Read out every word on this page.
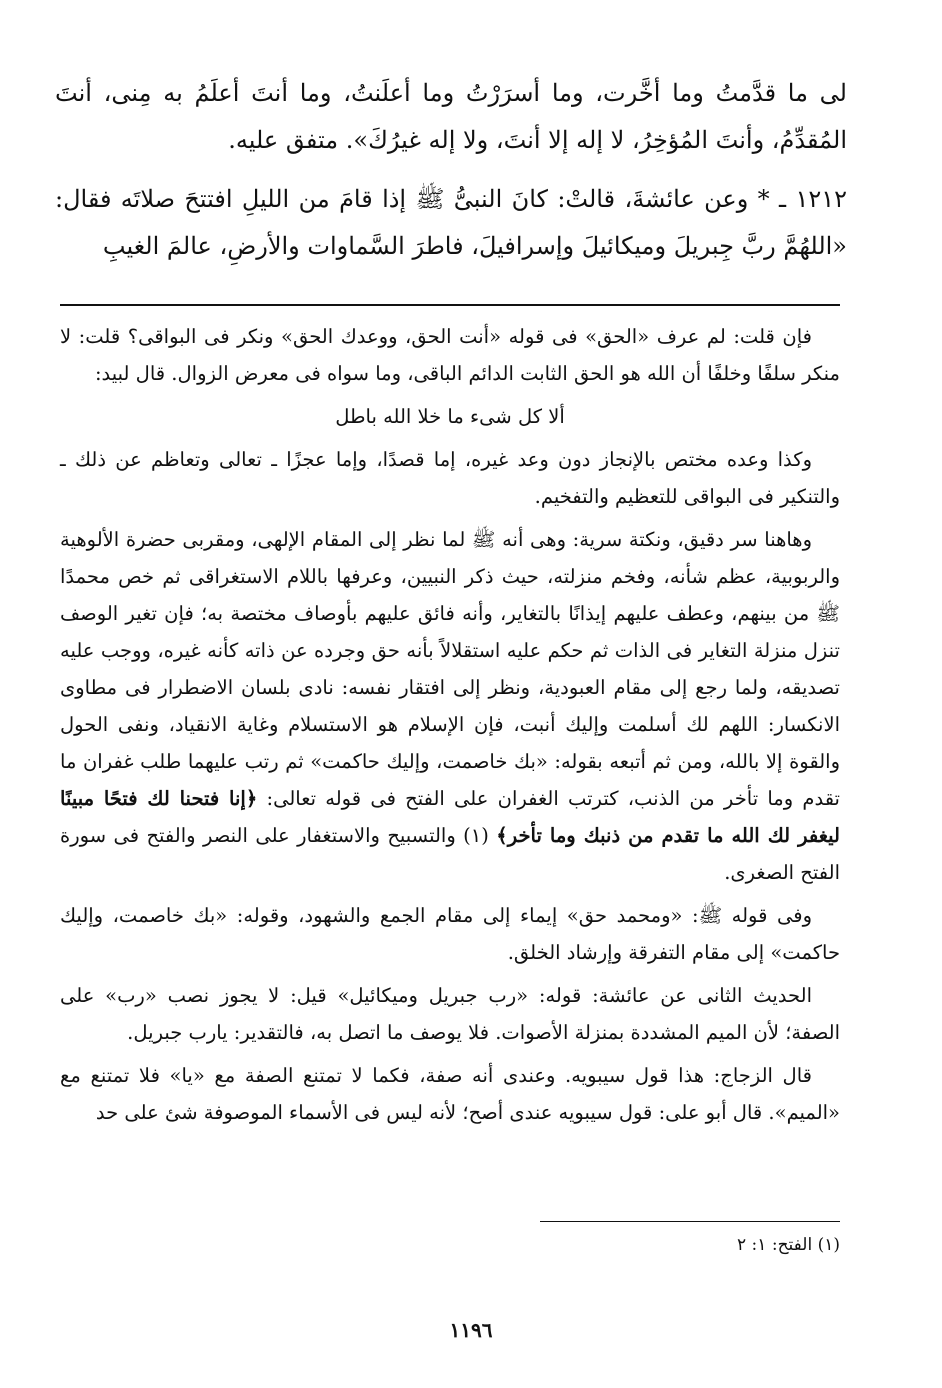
لى ما قدَّمتُ وما أخَّرت، وما أسرَرْتُ وما أعلَنتُ، وما أنتَ أعلَمُ به مِنى، أنتَ المُقدِّمُ، وأنتَ المُؤخِرُ، لا إله إلا أنتَ، ولا إله غيرُكَ». متفق عليه.

١٢١٢ ـ * وعن عائشةَ، قالتْ: كانَ النبىُّ ﷺ إذا قامَ من الليلِ افتتحَ صلاتَه فقال: «اللهُمَّ ربَّ جِبريلَ وميكائيلَ وإسرافيلَ، فاطرَ السَّماوات والأرضِ، عالمَ الغيبِ

فإن قلت: لم عرف «الحق» فى قوله «أنت الحق، ووعدك الحق» ونكر فى البواقى؟ قلت: لا منكر سلفًا وخلفًا أن الله هو الحق الثابت الدائم الباقى، وما سواه فى معرض الزوال. قال لبيد:

ألا كل شىء ما خلا الله باطل

وكذا وعده مختص بالإنجاز دون وعد غيره، إما قصدًا، وإما عجزًا ـ تعالى وتعاظم عن ذلك ـ والتنكير فى البواقى للتعظيم والتفخيم.

وهاهنا سر دقيق، ونكتة سرية: وهى أنه ﷺ لما نظر إلى المقام الإلهى، ومقربى حضرة الألوهية والربوبية، عظم شأنه، وفخم منزلته، حيث ذكر النبيين، وعرفها باللام الاستغراقى ثم خص محمدًا ﷺ من بينهم، وعطف عليهم إيذانًا بالتغاير، وأنه فائق عليهم بأوصاف مختصة به؛ فإن تغير الوصف تنزل منزلة التغاير فى الذات ثم حكم عليه استقلالاً بأنه حق وجرده عن ذاته كأنه غيره، ووجب عليه تصديقه، ولما رجع إلى مقام العبودية، ونظر إلى افتقار نفسه: نادى بلسان الاضطرار فى مطاوى الانكسار: اللهم لك أسلمت وإليك أنبت، فإن الإسلام هو الاستسلام وغاية الانقياد، ونفى الحول والقوة إلا بالله، ومن ثم أتبعه بقوله: «بك خاصمت، وإليك حاكمت» ثم رتب عليهما طلب غفران ما تقدم وما تأخر من الذنب، كترتب الغفران على الفتح فى قوله تعالى: ﴿إنا فتحنا لك فتحًا مبينًا ليغفر لك الله ما تقدم من ذنبك وما تأخر﴾ (١) والتسبيح والاستغفار على النصر والفتح فى سورة الفتح الصغرى.

وفى قوله ﷺ: «ومحمد حق» إيماء إلى مقام الجمع والشهود، وقوله: «بك خاصمت، وإليك حاكمت» إلى مقام التفرقة وإرشاد الخلق.

الحديث الثانى عن عائشة: قوله: «رب جبريل وميكائيل» قيل: لا يجوز نصب «رب» على الصفة؛ لأن الميم المشددة بمنزلة الأصوات. فلا يوصف ما اتصل به، فالتقدير: يارب جبريل.

قال الزجاج: هذا قول سيبويه. وعندى أنه صفة، فكما لا تمتنع الصفة مع «يا» فلا تمتنع مع «الميم». قال أبو على: قول سيبويه عندى أصح؛ لأنه ليس فى الأسماء الموصوفة شئ على حد

(١) الفتح: ١: ٢
١١٩٦
